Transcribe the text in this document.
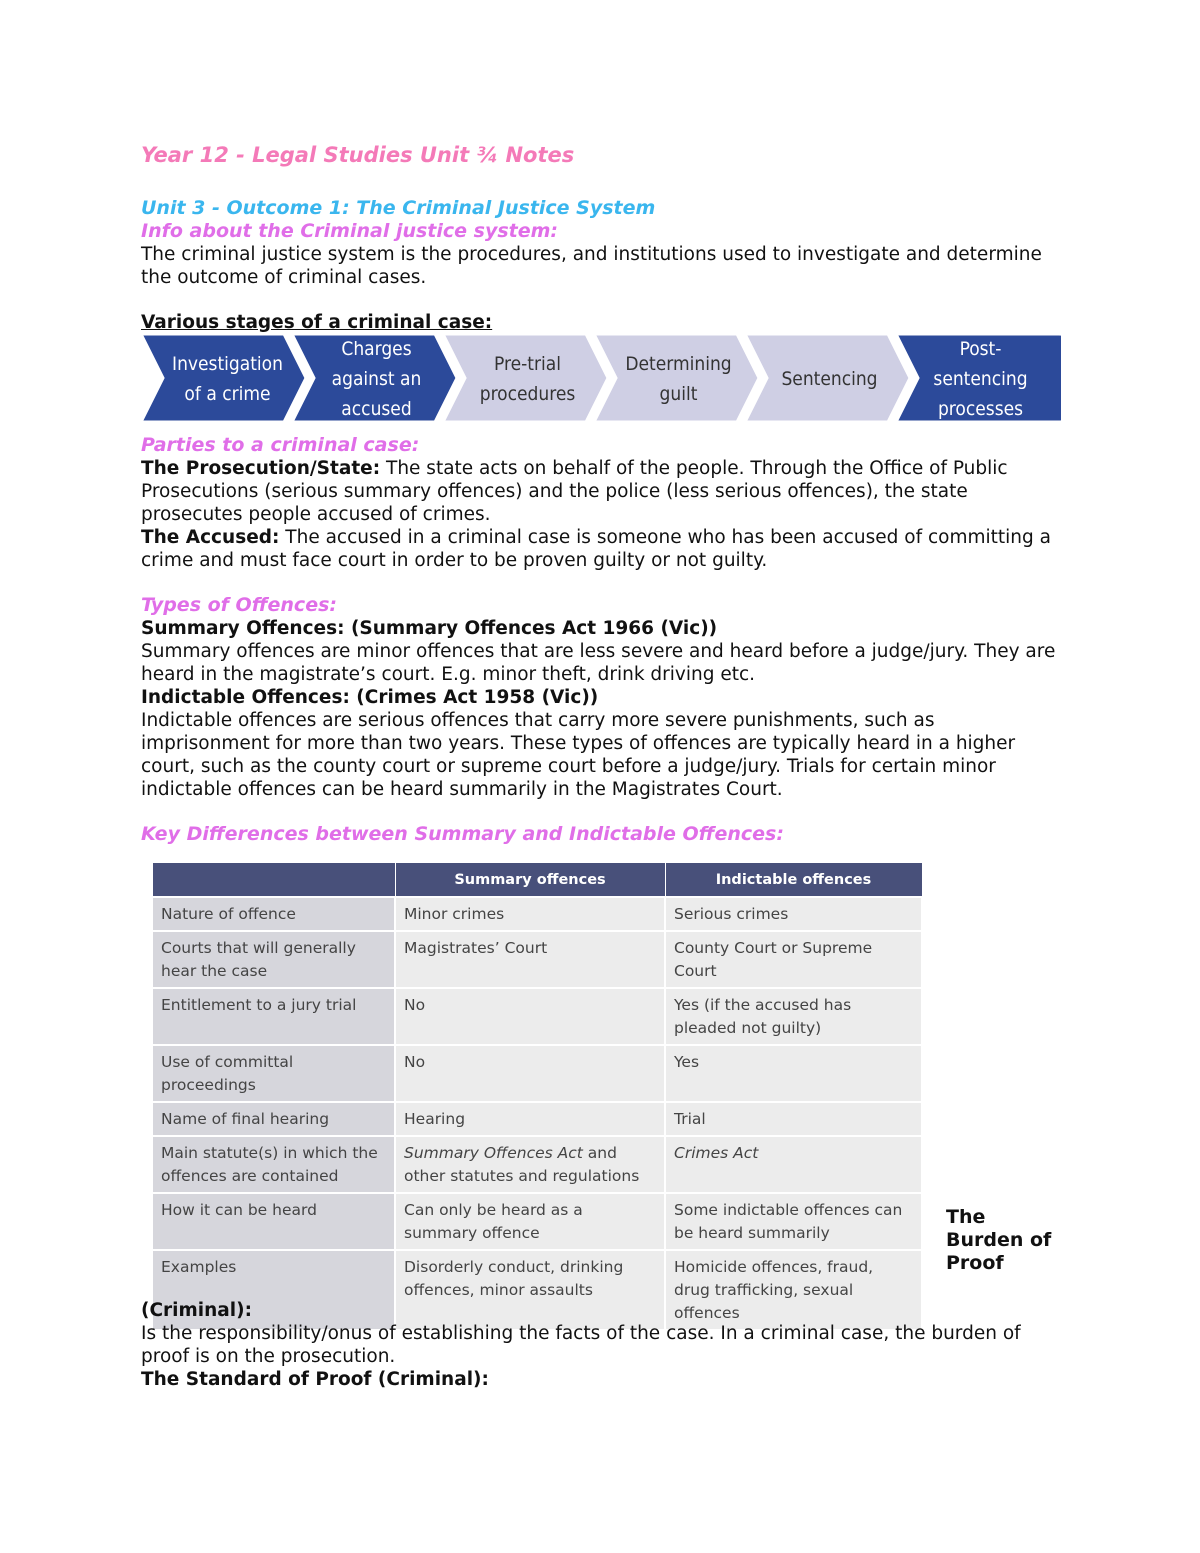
Year 12 - Legal Studies Unit ¾ Notes
Unit 3 - Outcome 1: The Criminal Justice System
Info about the Criminal justice system:

The criminal justice system is the procedures, and institutions used to investigate and determine the outcome of criminal cases.

Various stages of a criminal case:

Investigation
of a crime
Charges
against an
accused
Pre-trial
procedures
Determining
guilt
Sentencing
Post-
sentencing
processes
Parties to a criminal case:

The Prosecution/State: The state acts on behalf of the people. Through the Office of Public Prosecutions (serious summary offences) and the police (less serious offences), the state prosecutes people accused of crimes.

The Accused: The accused in a criminal case is someone who has been accused of committing a crime and must face court in order to be proven guilty or not guilty.

Types of Offences:

Summary Offences: (Summary Offences Act 1966 (Vic))

Summary offences are minor offences that are less severe and heard before a judge/jury. They are heard in the magistrate’s court. E.g. minor theft, drink driving etc.

Indictable Offences: (Crimes Act 1958 (Vic))

Indictable offences are serious offences that carry more severe punishments, such as imprisonment for more than two years. These types of offences are typically heard in a higher court, such as the county court or supreme court before a judge/jury. Trials for certain minor indictable offences can be heard summarily in the Magistrates Court.

Key Differences between Summary and Indictable Offences:
	Summary offences	Indictable offences
Nature of offence	Minor crimes	Serious crimes
Courts that will generally hear the case	Magistrates’ Court	County Court or Supreme Court
Entitlement to a jury trial	No	Yes (if the accused has pleaded not guilty)
Use of committal proceedings	No	Yes
Name of final hearing	Hearing	Trial
Main statute(s) in which the offences are contained	Summary Offences Act and other statutes and regulations	Crimes Act
How it can be heard	Can only be heard as a summary offence	Some indictable offences can be heard summarily
Examples	Disorderly conduct, drinking offences, minor assaults	Homicide offences, fraud, drug trafficking, sexual offences
The Burden of Proof

(Criminal):

Is the responsibility/onus of establishing the facts of the case. In a criminal case, the burden of proof is on the prosecution.

The Standard of Proof (Criminal):
